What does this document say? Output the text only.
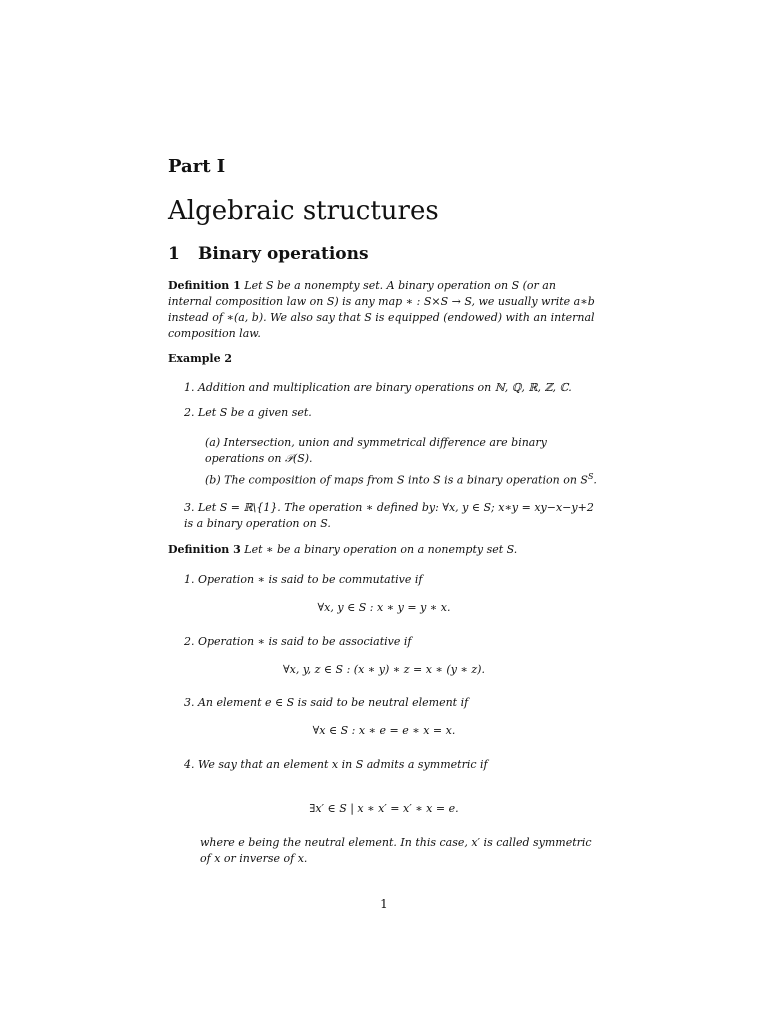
Part I
Algebraic structures
1 Binary operations
Definition 1 Let S be a nonempty set. A binary operation on S (or an internal composition law on S) is any map ∗ : S×S → S, we usually write a∗b instead of ∗(a, b). We also say that S is equipped (endowed) with an internal composition law.
Example 2
1. Addition and multiplication are binary operations on ℕ, ℚ, ℝ, ℤ, ℂ.
2. Let S be a given set.
(a) Intersection, union and symmetrical difference are binary operations on 𝒫(S).
(b) The composition of maps from S into S is a binary operation on $S^S$.
3. Let S = ℝ\{1}. The operation ∗ defined by: ∀x, y ∈ S; x∗y = xy−x−y+2 is a binary operation on S.
Definition 3 Let ∗ be a binary operation on a nonempty set S.
1. Operation ∗ is said to be commutative if
∀x, y ∈ S : x ∗ y = y ∗ x.
2. Operation ∗ is said to be associative if
∀x, y, z ∈ S : (x ∗ y) ∗ z = x ∗ (y ∗ z).
3. An element e ∈ S is said to be neutral element if
∀x ∈ S : x ∗ e = e ∗ x = x.
4. We say that an element x in S admits a symmetric if
∃x′ ∈ S | x ∗ x′ = x′ ∗ x = e.
where e being the neutral element. In this case, x′ is called symmetric of x or inverse of x.
1
